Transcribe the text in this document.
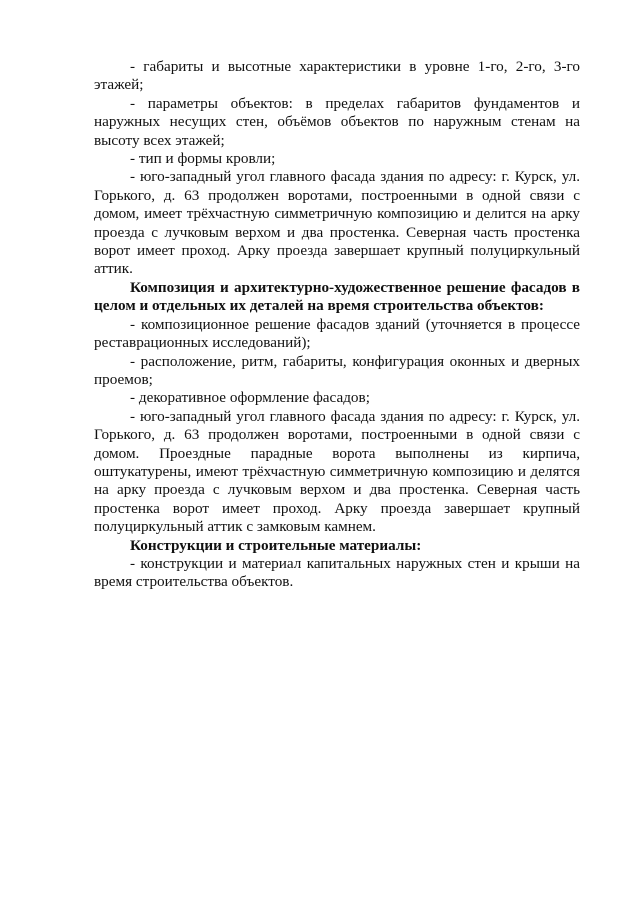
- габариты и высотные характеристики в уровне 1-го, 2-го, 3-го этажей;

- параметры объектов: в пределах габаритов фундаментов и наружных несущих стен, объёмов объектов по наружным стенам на высоту всех этажей;

- тип и формы кровли;

- юго-западный угол главного фасада здания по адресу: г. Курск, ул. Горького, д. 63 продолжен воротами, построенными в одной связи с домом, имеет трёхчастную симметричную композицию и делится на арку проезда с лучковым верхом и два простенка. Северная часть простенка ворот имеет проход. Арку проезда завершает крупный полуциркульный аттик.

Композиция и архитектурно-художественное решение фасадов в целом и отдельных их деталей на время строительства объектов:

- композиционное решение фасадов зданий (уточняется в процессе реставрационных исследований);

- расположение, ритм, габариты, конфигурация оконных и дверных проемов;

- декоративное оформление фасадов;

- юго-западный угол главного фасада здания по адресу: г. Курск, ул. Горького, д. 63 продолжен воротами, построенными в одной связи с домом. Проездные парадные ворота выполнены из кирпича, оштукатурены, имеют трёхчастную симметричную композицию и делятся на арку проезда с лучковым верхом и два простенка. Северная часть простенка ворот имеет проход. Арку проезда завершает крупный полуциркульный аттик с замковым камнем.

Конструкции и строительные материалы:

- конструкции и материал капитальных наружных стен и крыши на время строительства объектов.
